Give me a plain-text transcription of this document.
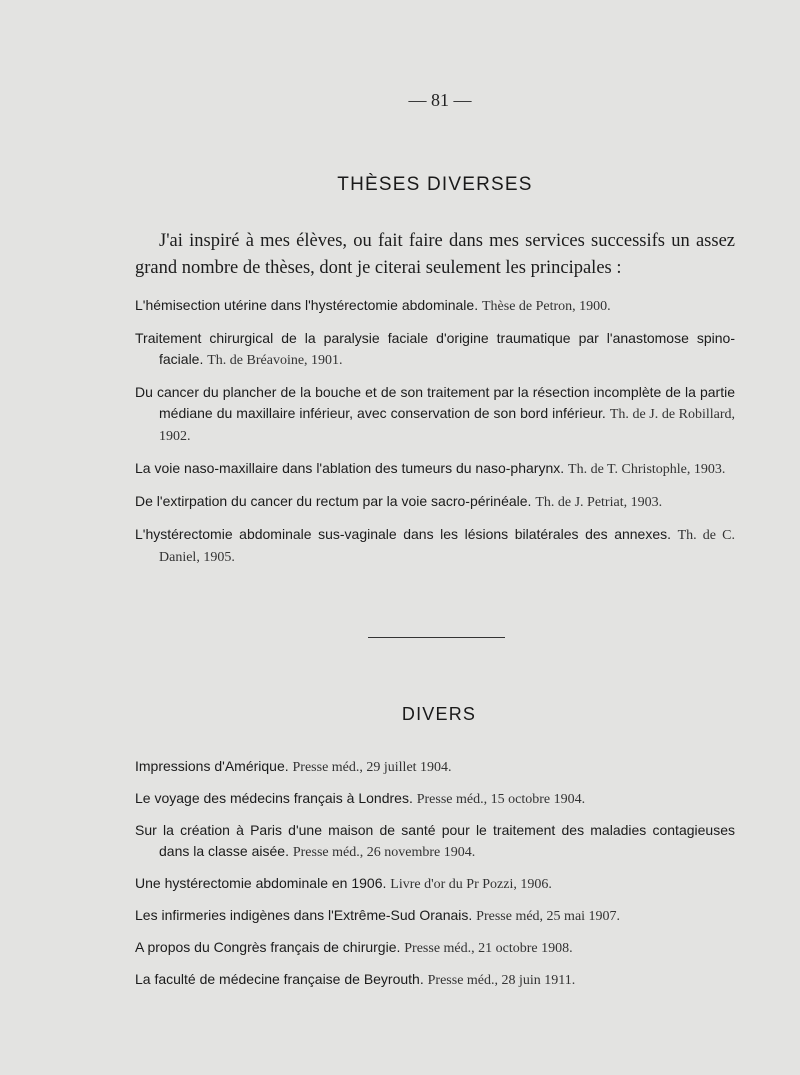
— 81 —
THÈSES DIVERSES

J'ai inspiré à mes élèves, ou fait faire dans mes services successifs un assez grand nombre de thèses, dont je citerai seulement les principales :

L'hémisection utérine dans l'hystérectomie abdominale. Thèse de Petron, 1900.
Traitement chirurgical de la paralysie faciale d'origine traumatique par l'anastomose spino-faciale. Th. de Bréavoine, 1901.
Du cancer du plancher de la bouche et de son traitement par la résection incomplète de la partie médiane du maxillaire inférieur, avec conservation de son bord inférieur. Th. de J. de Robillard, 1902.
La voie naso-maxillaire dans l'ablation des tumeurs du naso-pharynx. Th. de T. Christophle, 1903.
De l'extirpation du cancer du rectum par la voie sacro-périnéale. Th. de J. Petriat, 1903.
L'hystérectomie abdominale sus-vaginale dans les lésions bilatérales des annexes. Th. de C. Daniel, 1905.
DIVERS
Impressions d'Amérique. Presse méd., 29 juillet 1904.
Le voyage des médecins français à Londres. Presse méd., 15 octobre 1904.
Sur la création à Paris d'une maison de santé pour le traitement des maladies contagieuses dans la classe aisée. Presse méd., 26 novembre 1904.
Une hystérectomie abdominale en 1906. Livre d'or du Pr Pozzi, 1906.
Les infirmeries indigènes dans l'Extrême-Sud Oranais. Presse méd, 25 mai 1907.
A propos du Congrès français de chirurgie. Presse méd., 21 octobre 1908.
La faculté de médecine française de Beyrouth. Presse méd., 28 juin 1911.
